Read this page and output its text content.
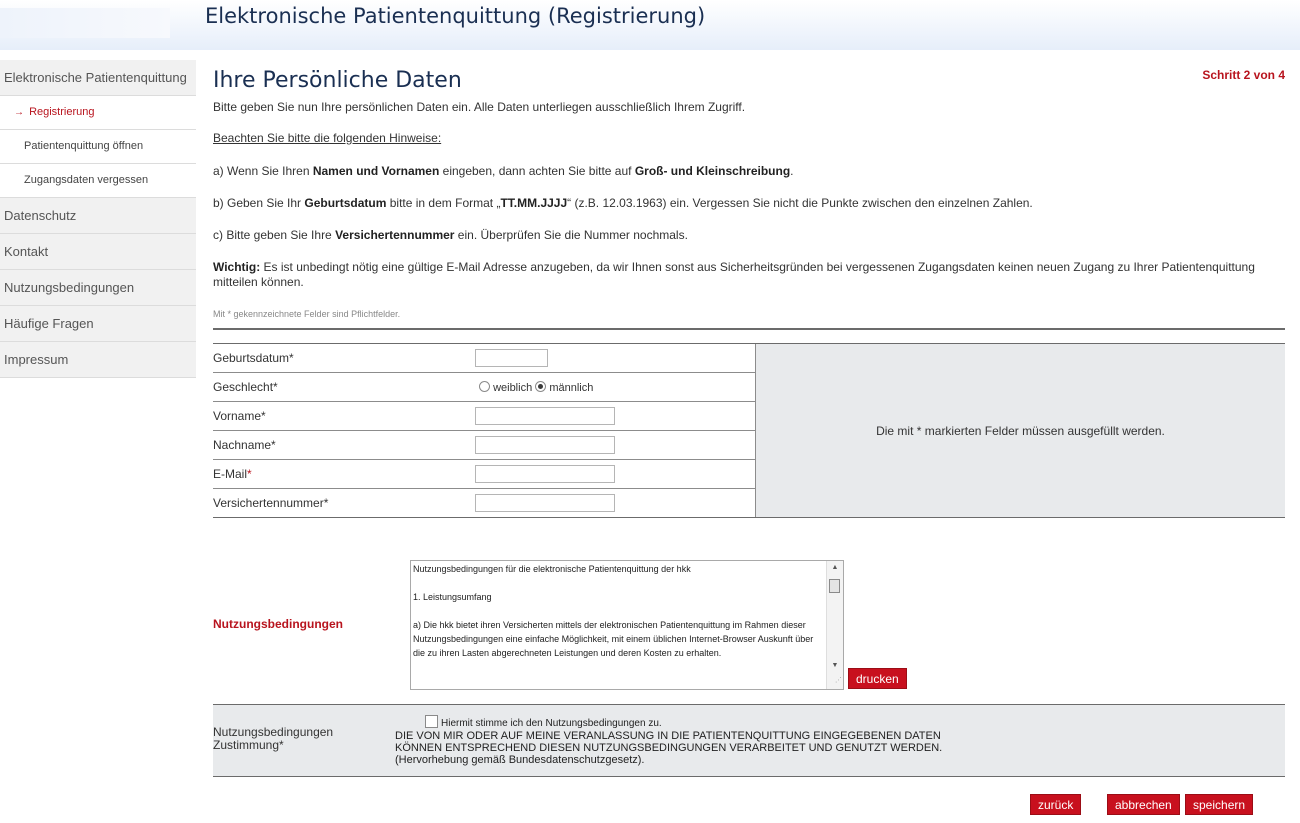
Elektronische Patientenquittung (Registrierung)
Elektronische Patientenquittung
→ Registrierung
Patientenquittung öffnen
Zugangsdaten vergessen
Datenschutz
Kontakt
Nutzungsbedingungen
Häufige Fragen
Impressum
Ihre Persönliche Daten	Schritt 2 von 4

Bitte geben Sie nun Ihre persönlichen Daten ein. Alle Daten unterliegen ausschließlich Ihrem Zugriff.

Beachten Sie bitte die folgenden Hinweise:

a) Wenn Sie Ihren Namen und Vornamen eingeben, dann achten Sie bitte auf Groß- und Kleinschreibung.

b) Geben Sie Ihr Geburtsdatum bitte in dem Format „TT.MM.JJJJ“ (z.B. 12.03.1963) ein. Vergessen Sie nicht die Punkte zwischen den einzelnen Zahlen.

c) Bitte geben Sie Ihre Versichertennummer ein. Überprüfen Sie die Nummer nochmals.

Wichtig: Es ist unbedingt nötig eine gültige E-Mail Adresse anzugeben, da wir Ihnen sonst aus Sicherheitsgründen bei vergessenen Zugangsdaten keinen neuen Zugang zu Ihrer Patientenquittung

mitteilen können.

Mit * gekennzeichnete Felder sind Pflichtfelder.
Geburtsdatum*
Geschlecht*	weiblich männlich
Vorname*
Nachname*
E-Mail*
Versichertennummer*
Die mit * markierten Felder müssen ausgefüllt werden.
Nutzungsbedingungen

Nutzungsbedingungen für die elektronische Patientenquittung der hkk

1. Leistungsumfang

a) Die hkk bietet ihren Versicherten mittels der elektronischen Patientenquittung im Rahmen dieser Nutzungsbedingungen eine einfache Möglichkeit, mit einem üblichen Internet-Browser Auskunft über die zu ihren Lasten abgerechneten Leistungen und deren Kosten zu erhalten.

▲
▼
⋰	drucken
Nutzungsbedingungen
Zustimmung*
Hiermit stimme ich den Nutzungsbedingungen zu.
DIE VON MIR ODER AUF MEINE VERANLASSUNG IN DIE PATIENTENQUITTUNG EINGEGEBENEN DATEN
KÖNNEN ENTSPRECHEND DIESEN NUTZUNGSBEDINGUNGEN VERARBEITET UND GENUTZT WERDEN.
(Hervorhebung gemäß Bundesdatenschutzgesetz).
zurück	abbrechen	speichern
